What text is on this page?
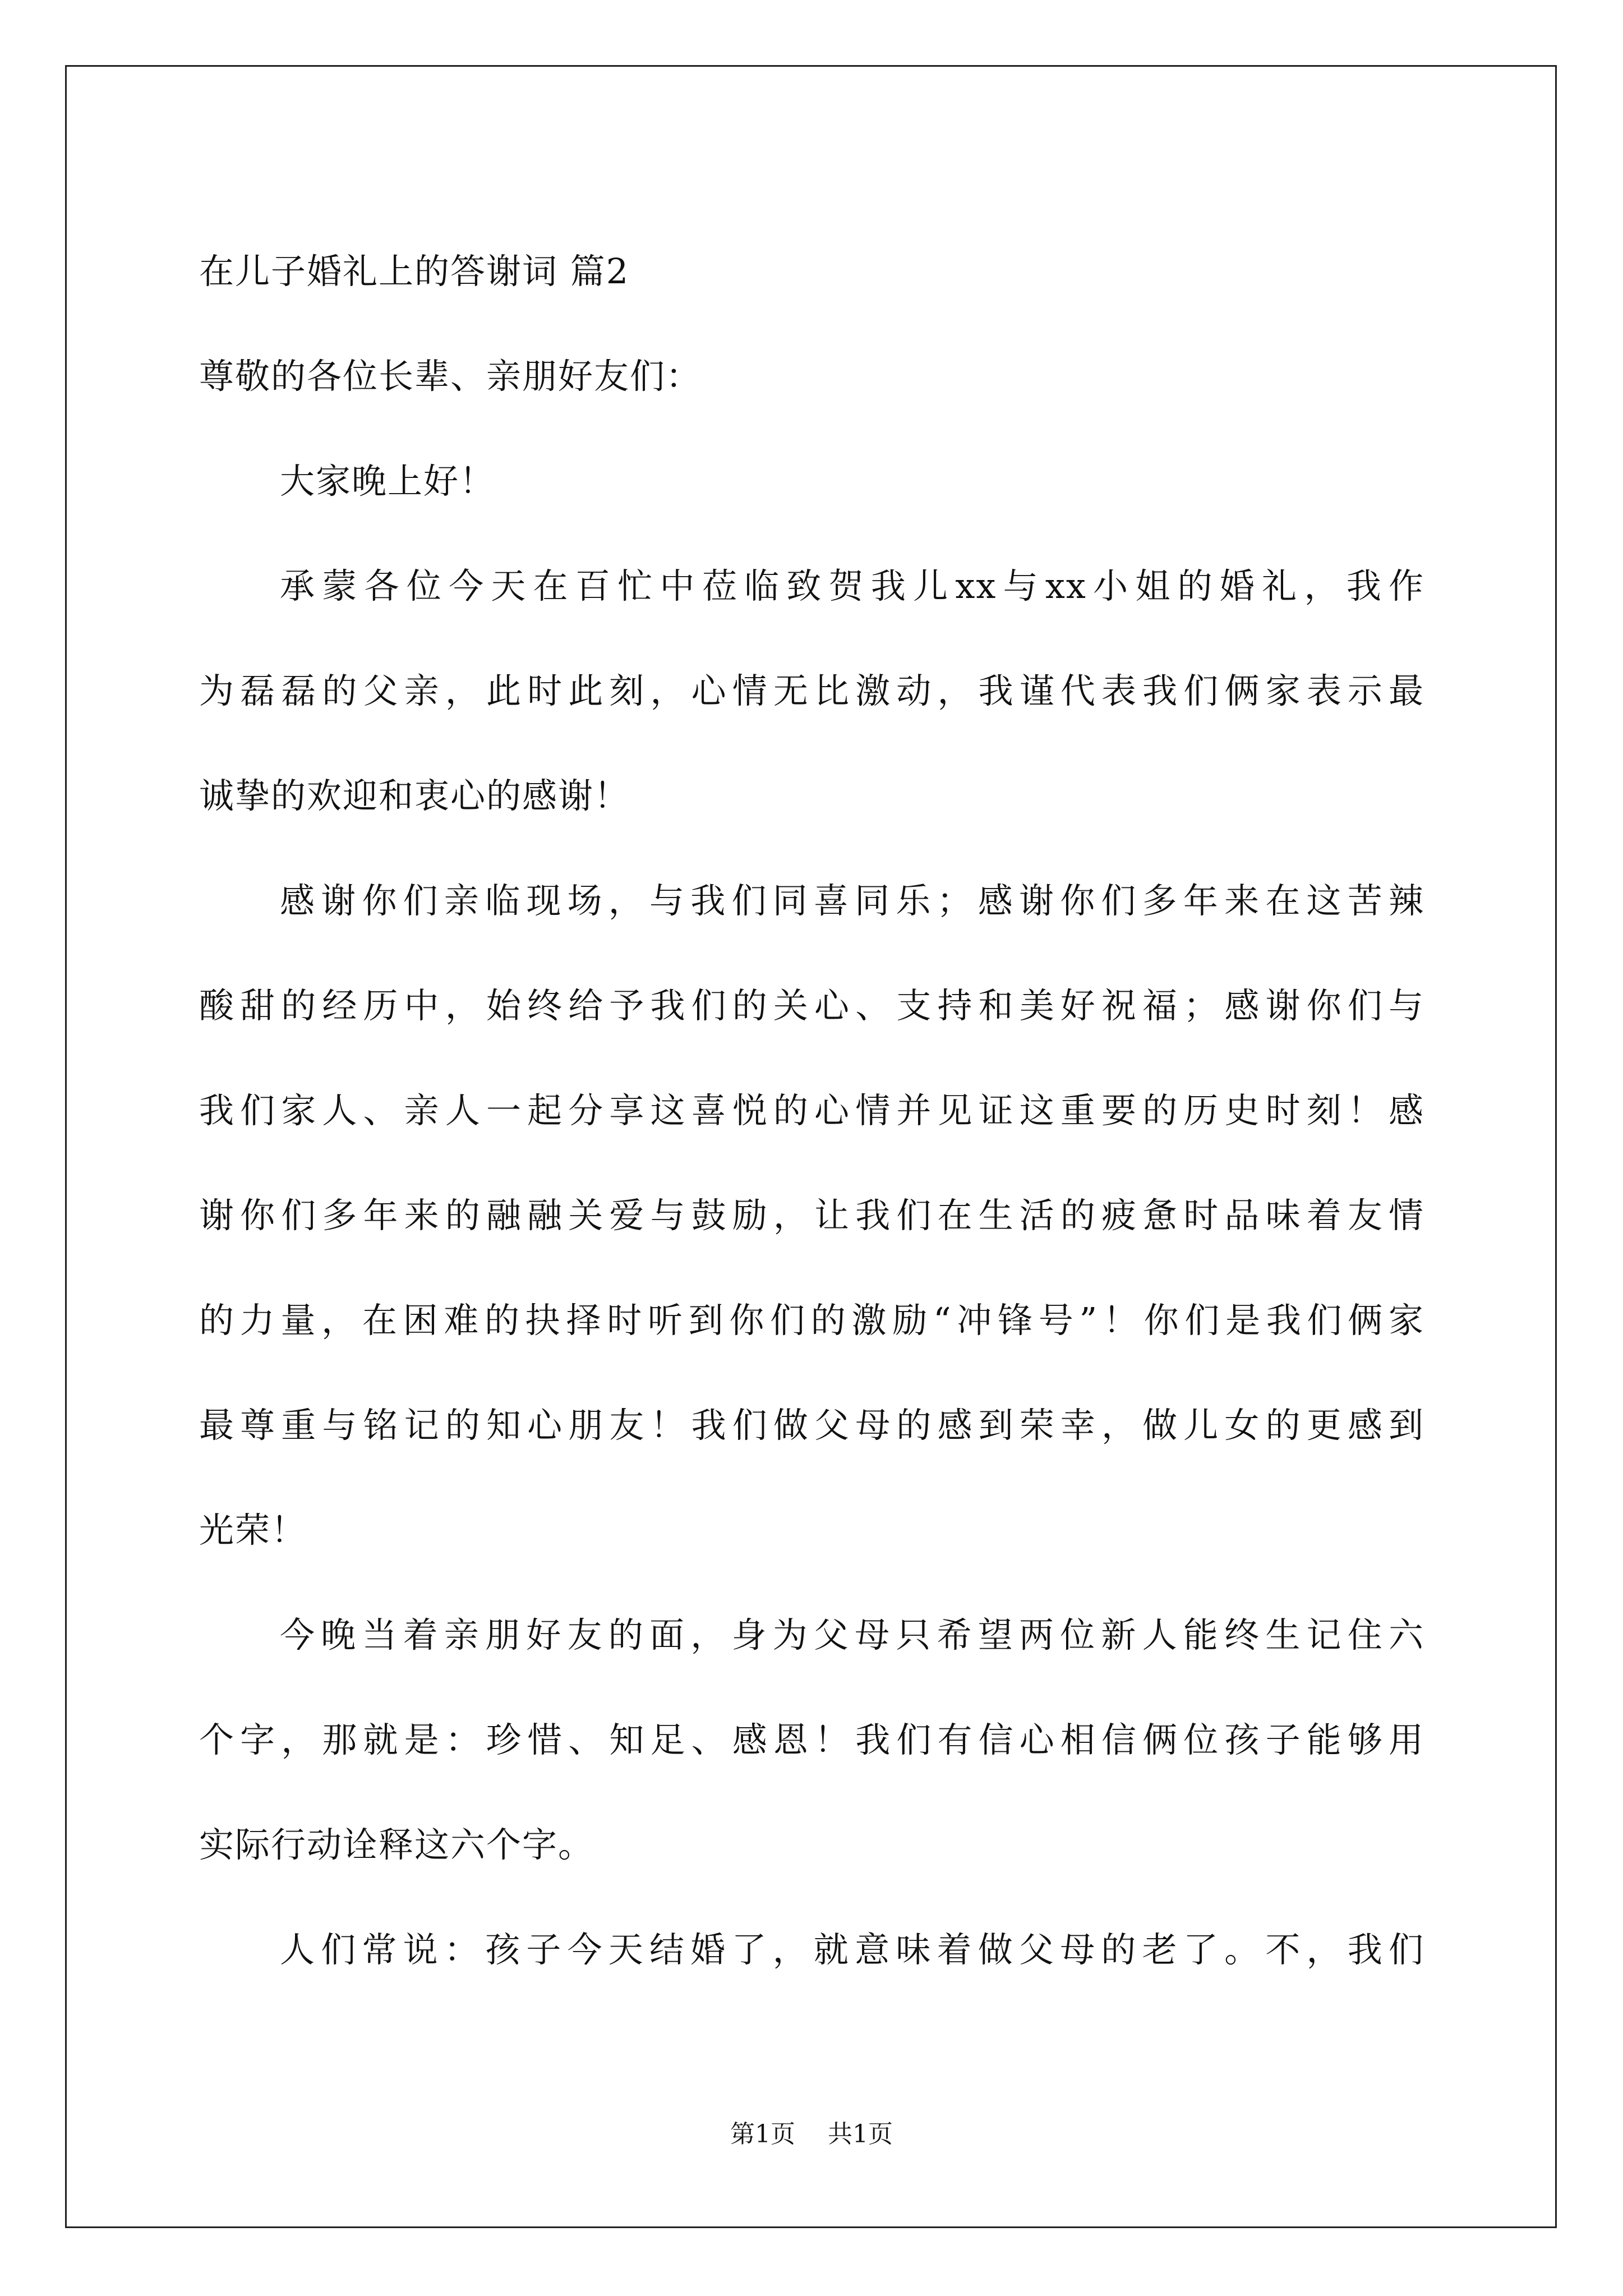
在儿子婚礼上的答谢词 篇2
尊敬的各位长辈、亲朋好友们：
大家晚上好！
承蒙各位今天在百忙中莅临致贺我儿xx与xx小姐的婚礼，我作
为磊磊的父亲，此时此刻，心情无比激动，我谨代表我们俩家表示最
诚挚的欢迎和衷心的感谢！
感谢你们亲临现场，与我们同喜同乐；感谢你们多年来在这苦辣
酸甜的经历中，始终给予我们的关心、支持和美好祝福；感谢你们与
我们家人、亲人一起分享这喜悦的心情并见证这重要的历史时刻！感
谢你们多年来的融融关爱与鼓励，让我们在生活的疲惫时品味着友情
的力量，在困难的抉择时听到你们的激励“冲锋号”！你们是我们俩家
最尊重与铭记的知心朋友！我们做父母的感到荣幸，做儿女的更感到
光荣！
今晚当着亲朋好友的面，身为父母只希望两位新人能终生记住六
个字，那就是：珍惜、知足、感恩！我们有信心相信俩位孩子能够用
实际行动诠释这六个字。
人们常说：孩子今天结婚了，就意味着做父母的老了。不，我们
第1页 共1页
